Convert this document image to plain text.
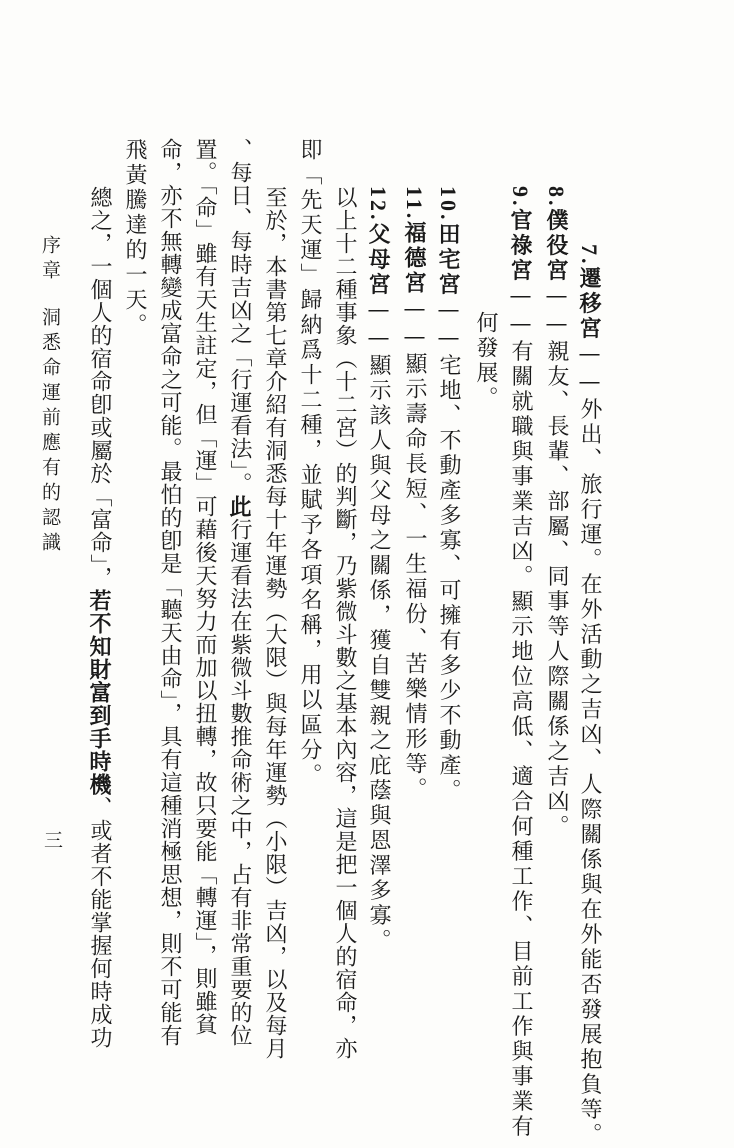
7.遷移宮——外出、旅行運。在外活動之吉凶、人際關係與在外能否發展抱負等。
8.僕役宮——親友、長輩、部屬、同事等人際關係之吉凶。
9.官祿宮——有關就職與事業吉凶。顯示地位高低、適合何種工作、目前工作與事業有
何發展。
10.田宅宮——宅地、不動產多寡、可擁有多少不動產。
11.福德宮——顯示壽命長短、一生福份、苦樂情形等。
12.父母宮——顯示該人與父母之關係，獲自雙親之庇蔭與恩澤多寡。
以上十二種事象（十二宮）的判斷，乃紫微斗數之基本內容，這是把一個人的宿命，亦
即「先天運」歸納爲十二種，並賦予各項名稱，用以區分。
至於，本書第七章介紹有洞悉每十年運勢（大限）與每年運勢（小限）吉凶，以及每月
、每日、每時吉凶之「行運看法」。此行運看法在紫微斗數推命術之中，占有非常重要的位
置。「命」雖有天生註定，但「運」可藉後天努力而加以扭轉，故只要能「轉運」，則雖貧
命，亦不無轉變成富命之可能。最怕的卽是「聽天由命」，具有這種消極思想，則不可能有
飛黃騰達的一天。
總之，一個人的宿命卽或屬於「富命」，若不知財富到手時機、或者不能掌握何時成功
序章洞悉命運前應有的認識
三
